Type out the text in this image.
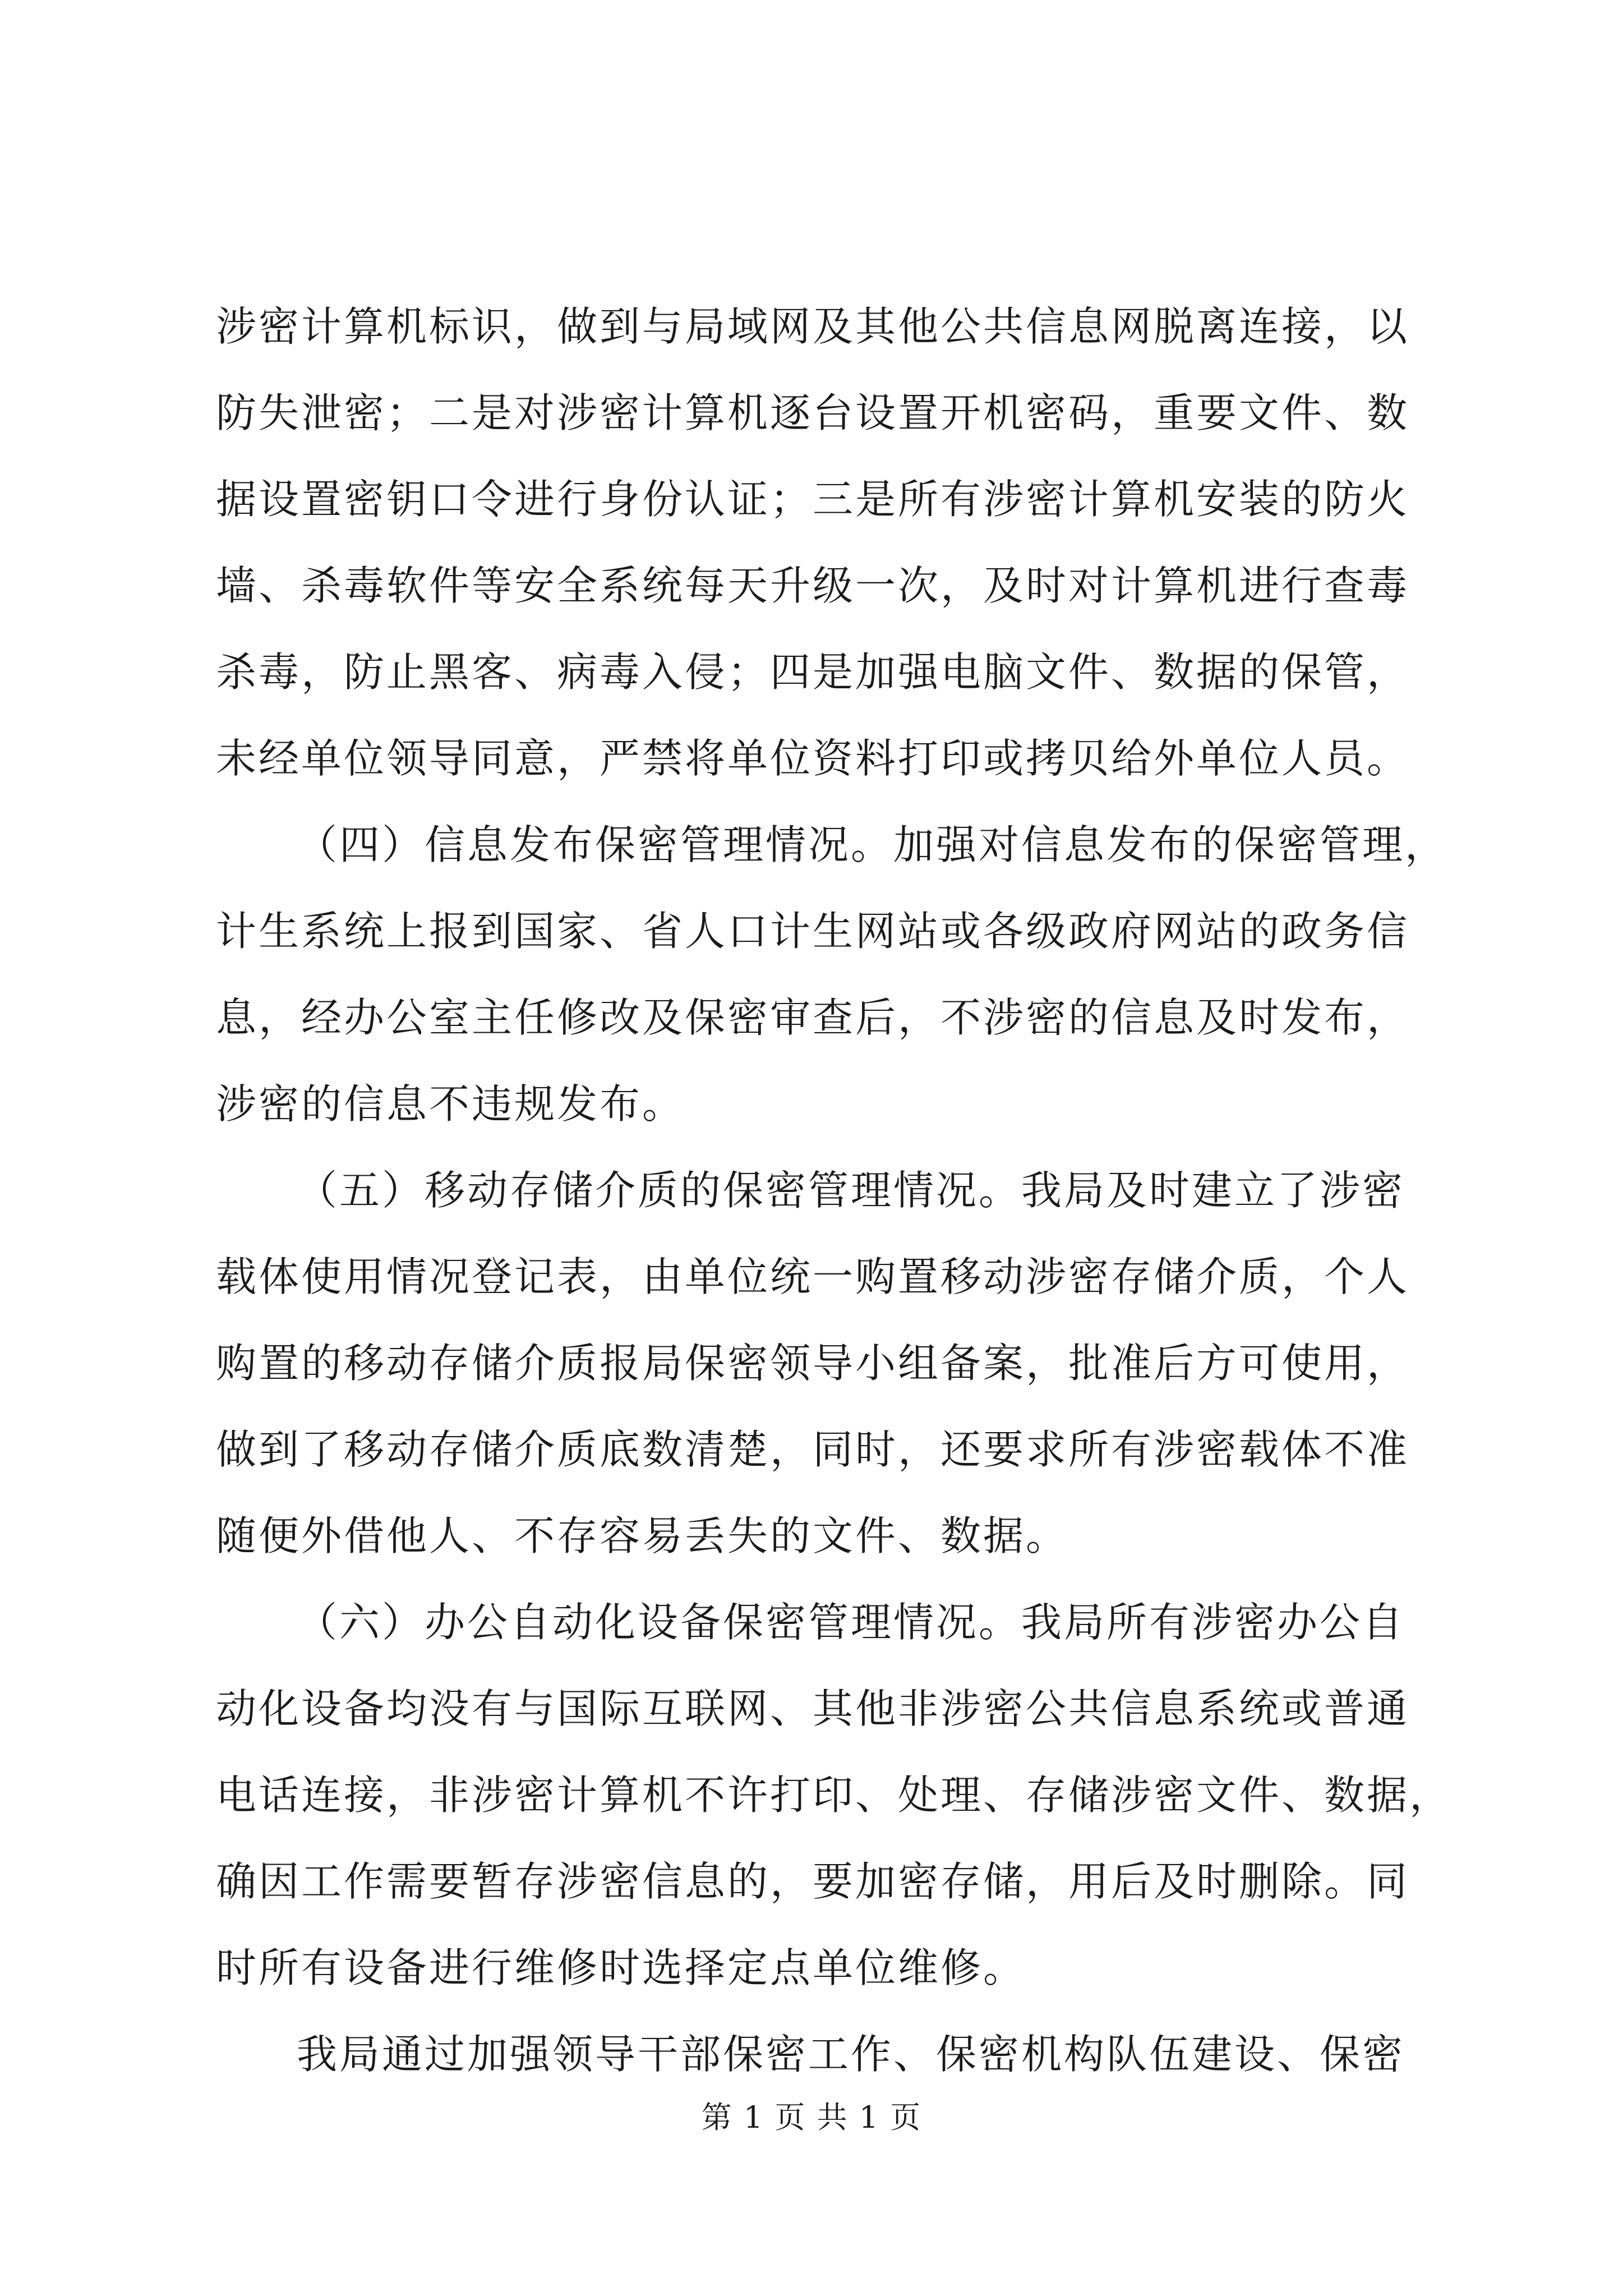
涉密计算机标识，做到与局域网及其他公共信息网脱离连接，以
防失泄密；二是对涉密计算机逐台设置开机密码，重要文件、数
据设置密钥口令进行身份认证；三是所有涉密计算机安装的防火
墙、杀毒软件等安全系统每天升级一次，及时对计算机进行查毒
杀毒，防止黑客、病毒入侵；四是加强电脑文件、数据的保管，
未经单位领导同意，严禁将单位资料打印或拷贝给外单位人员。
（四）信息发布保密管理情况。加强对信息发布的保密管理，
计生系统上报到国家、省人口计生网站或各级政府网站的政务信
息，经办公室主任修改及保密审查后，不涉密的信息及时发布，
涉密的信息不违规发布。
（五）移动存储介质的保密管理情况。我局及时建立了涉密
载体使用情况登记表，由单位统一购置移动涉密存储介质，个人
购置的移动存储介质报局保密领导小组备案，批准后方可使用，
做到了移动存储介质底数清楚，同时，还要求所有涉密载体不准
随便外借他人、不存容易丢失的文件、数据。
（六）办公自动化设备保密管理情况。我局所有涉密办公自
动化设备均没有与国际互联网、其他非涉密公共信息系统或普通
电话连接，非涉密计算机不许打印、处理、存储涉密文件、数据，
确因工作需要暂存涉密信息的，要加密存储，用后及时删除。同
时所有设备进行维修时选择定点单位维修。
我局通过加强领导干部保密工作、保密机构队伍建设、保密
第 1 页 共 1 页
